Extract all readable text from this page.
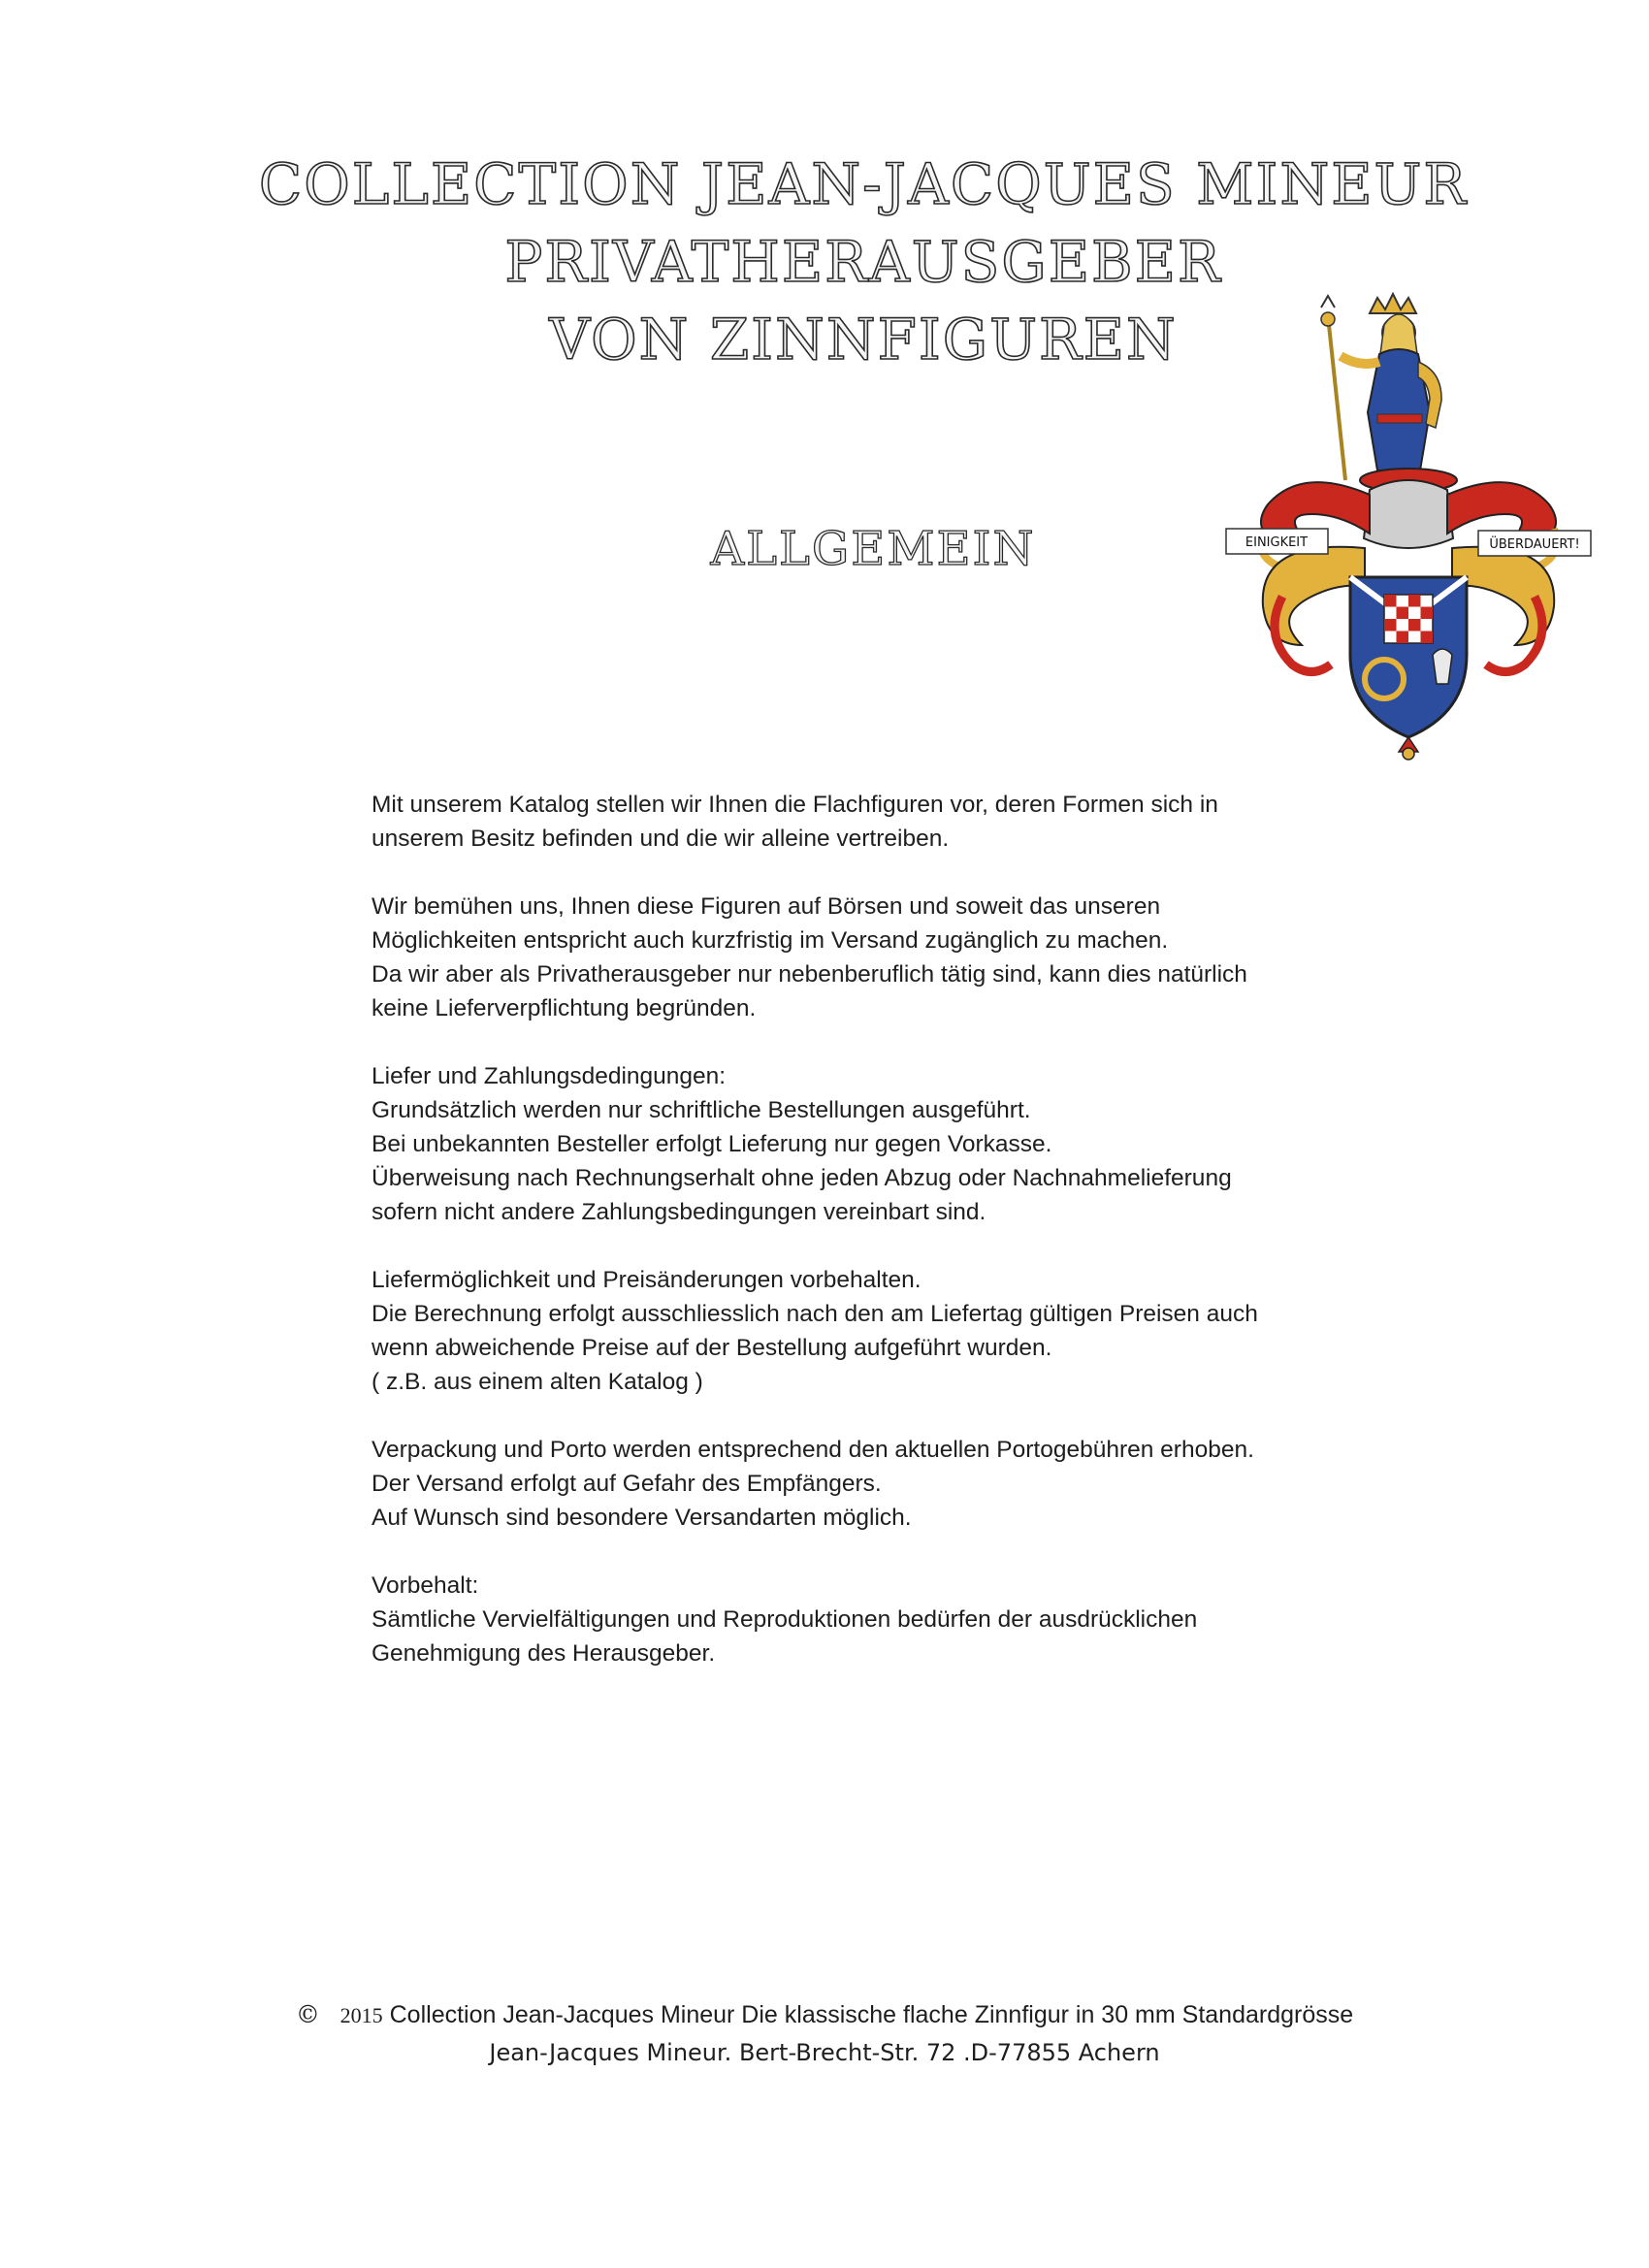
COLLECTION JEAN-JACQUES MINEUR
PRIVATHERAUSGEBER
VON ZINNFIGUREN
EINIGKEIT	ÜBERDAUERT!
ALLGEMEIN

Mit unserem Katalog stellen wir Ihnen die Flachfiguren vor, deren Formen sich in
unserem Besitz befinden und die wir alleine vertreiben.

Wir bemühen uns, Ihnen diese Figuren auf Börsen und soweit das unseren
Möglichkeiten entspricht auch kurzfristig im Versand zugänglich zu machen.
Da wir aber als Privatherausgeber nur nebenberuflich tätig sind, kann dies natürlich
keine Lieferverpflichtung begründen.

Liefer und Zahlungsdedingungen:
Grundsätzlich werden nur schriftliche Bestellungen ausgeführt.
Bei unbekannten Besteller erfolgt Lieferung nur gegen Vorkasse.
Überweisung nach Rechnungserhalt ohne jeden Abzug oder Nachnahmelieferung
sofern nicht andere Zahlungsbedingungen vereinbart sind.

Liefermöglichkeit und Preisänderungen vorbehalten.
Die Berechnung erfolgt ausschliesslich nach den am Liefertag gültigen Preisen auch
wenn abweichende Preise auf der Bestellung aufgeführt wurden.
( z.B. aus einem alten Katalog )

Verpackung und Porto werden entsprechend den aktuellen Portogebühren erhoben.
Der Versand erfolgt auf Gefahr des Empfängers.
Auf Wunsch sind besondere Versandarten möglich.

Vorbehalt:
Sämtliche Vervielfältigungen und Reproduktionen bedürfen der ausdrücklichen
Genehmigung des Herausgeber.

© 2015 Collection Jean-Jacques Mineur Die klassische flache Zinnfigur in 30 mm Standardgrösse
Jean-Jacques Mineur. Bert-Brecht-Str. 72 .D-77855 Achern
